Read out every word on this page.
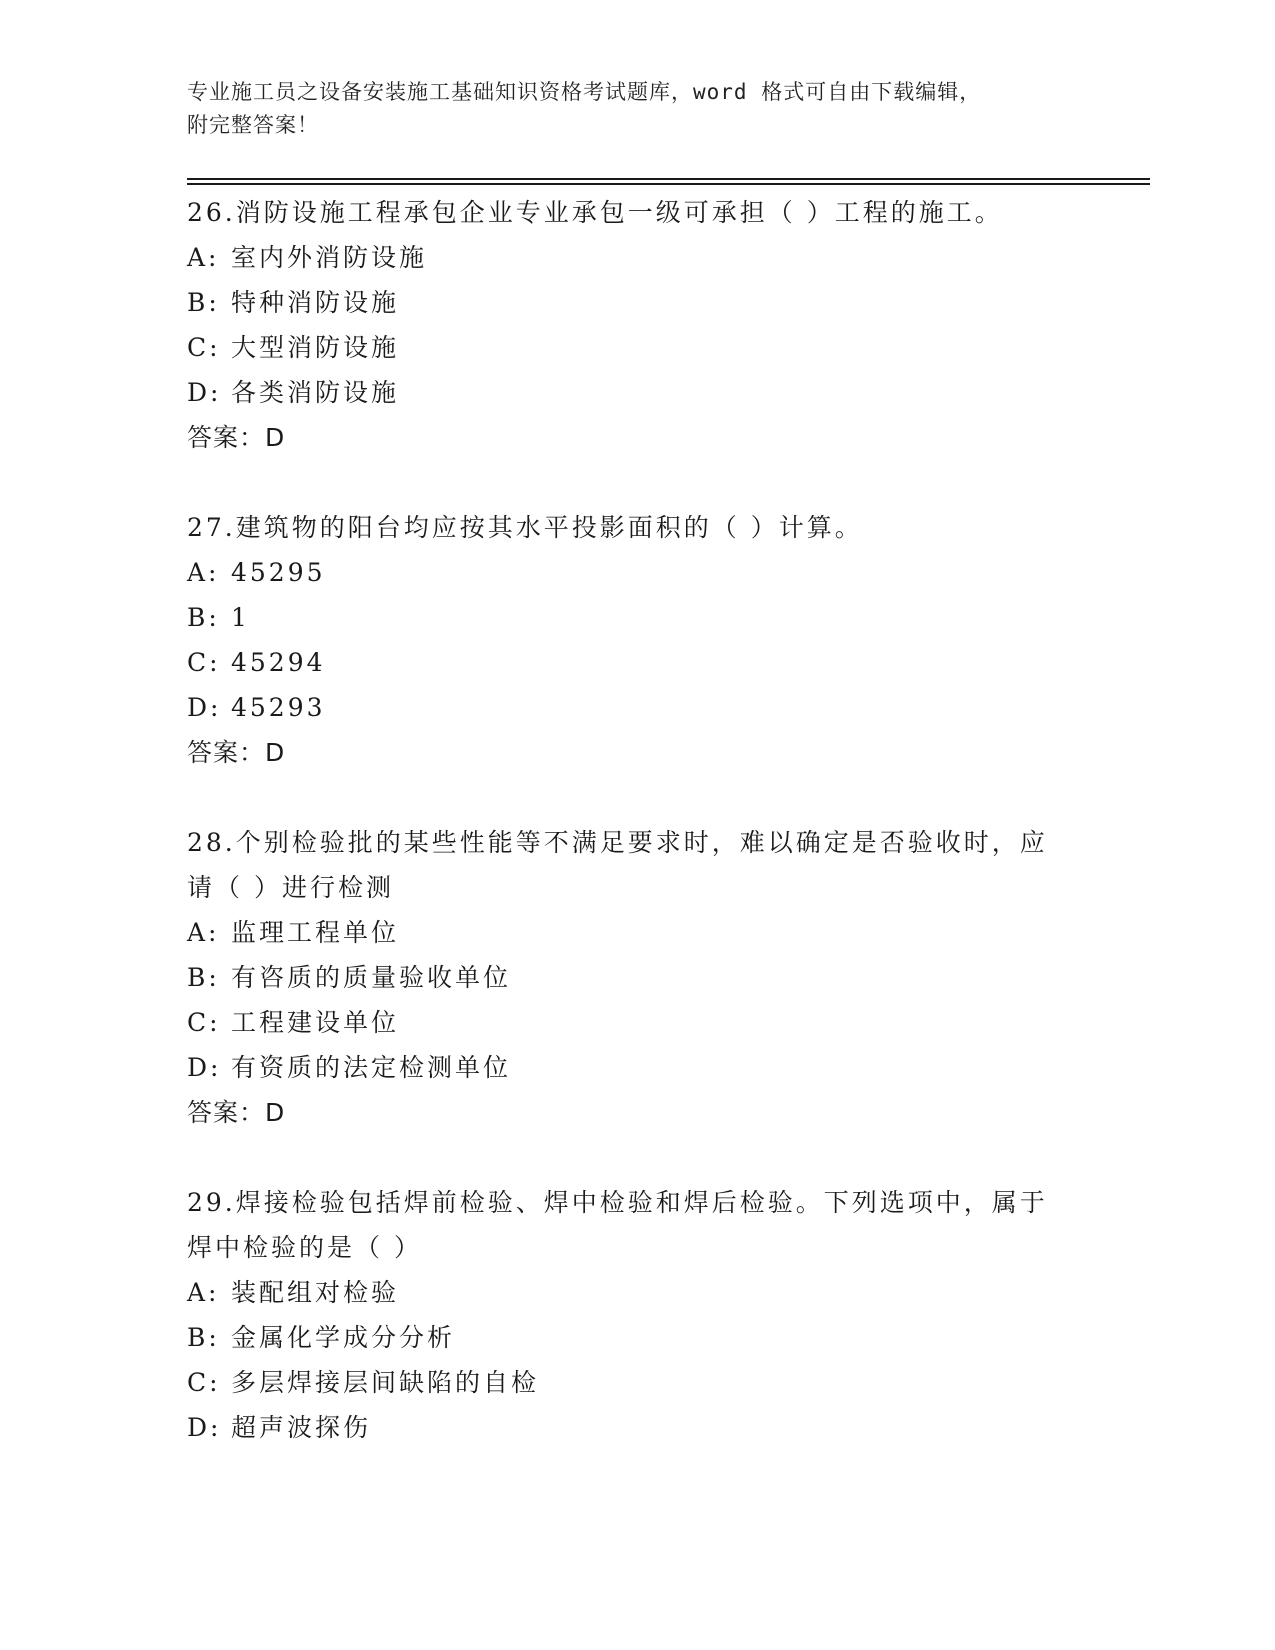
专业施工员之设备安装施工基础知识资格考试题库，word 格式可自由下载编辑，
附完整答案！

26.消防设施工程承包企业专业承包一级可承担（ ）工程的施工。

A: 室内外消防设施

B: 特种消防设施

C: 大型消防设施

D: 各类消防设施

答案：D

27.建筑物的阳台均应按其水平投影面积的（ ）计算。

A: 45295

B: 1

C: 45294

D: 45293

答案：D

28.个别检验批的某些性能等不满足要求时，难以确定是否验收时，应
请（ ）进行检测

A: 监理工程单位

B: 有咨质的质量验收单位

C: 工程建设单位

D: 有资质的法定检测单位

答案：D

29.焊接检验包括焊前检验、焊中检验和焊后检验。下列选项中，属于
焊中检验的是（ ）

A: 装配组对检验

B: 金属化学成分分析

C: 多层焊接层间缺陷的自检

D: 超声波探伤
